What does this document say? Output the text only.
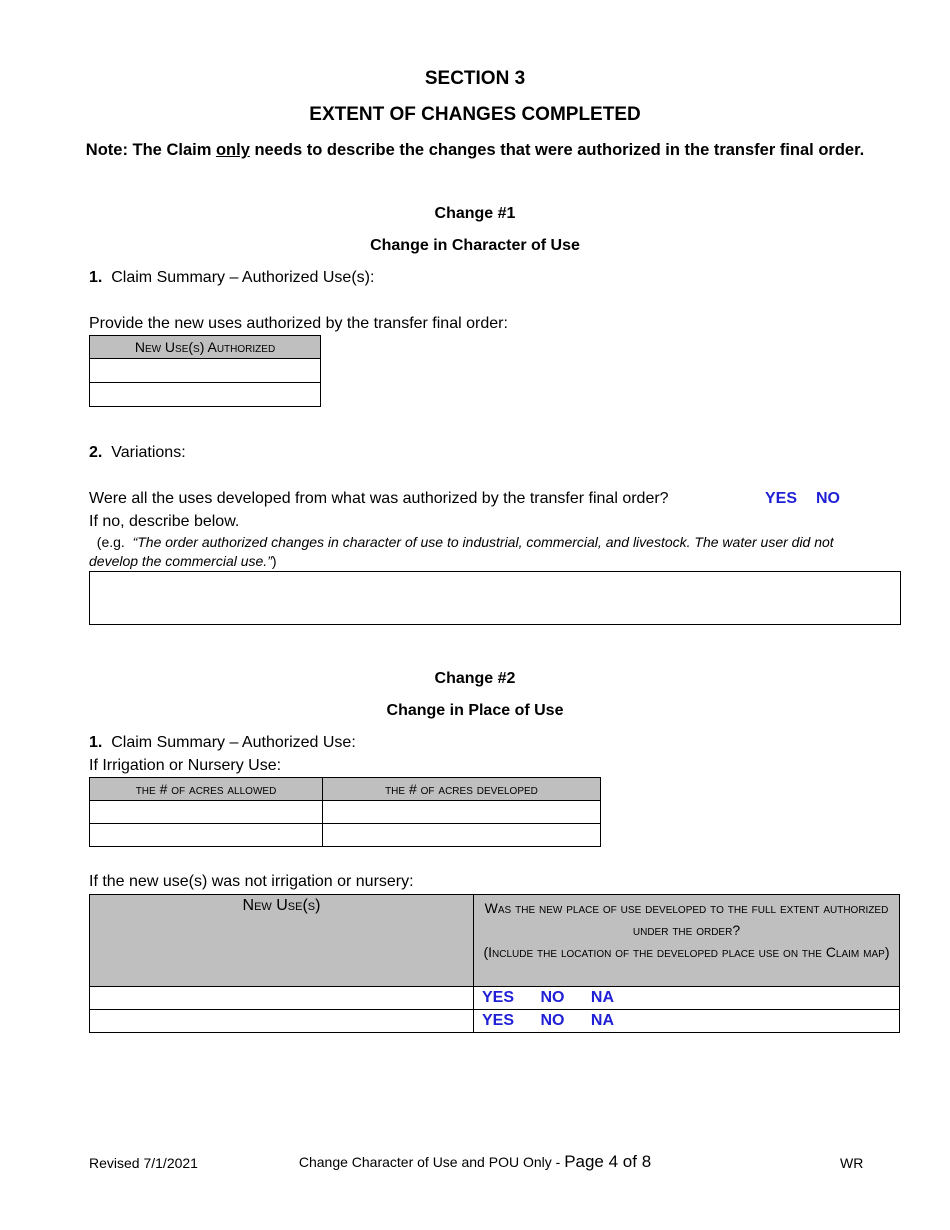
SECTION 3
EXTENT OF CHANGES COMPLETED
Note: The Claim only needs to describe the changes that were authorized in the transfer final order.
Change #1
Change in Character of Use
1. Claim Summary – Authorized Use(s):
Provide the new uses authorized by the transfer final order:
New Use(s) Authorized

2. Variations:
Were all the uses developed from what was authorized by the transfer final order?	YES NO
If no, describe below.
(e.g. “The order authorized changes in character of use to industrial, commercial, and livestock. The water user did not develop the commercial use.”)
Change #2
Change in Place of Use
1. Claim Summary – Authorized Use:
If Irrigation or Nursery Use:
the # of acres allowed	the # of acres developed

If the new use(s) was not irrigation or nursery:
New Use(s)	Was the new place of use developed to the full extent authorized under the order?
(Include the location of the developed place use on the Claim map)

	YES NO NA
	YES NO NA
Revised 7/1/2021	Change Character of Use and POU Only - Page 4 of 8	WR
